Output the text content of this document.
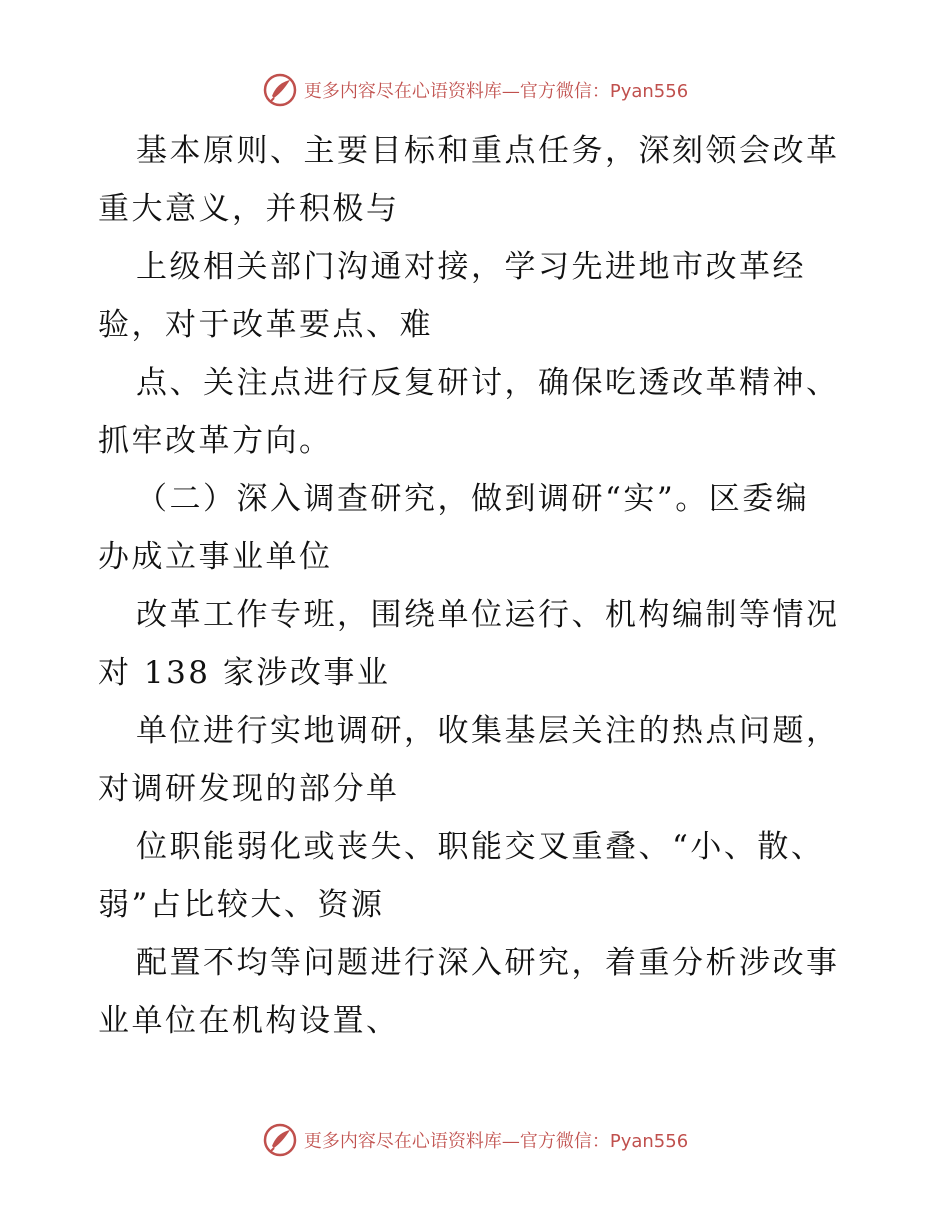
更多内容尽在心语资料库—官方微信：Pyan556
基本原则、主要目标和重点任务，深刻领会改革
重大意义，并积极与
上级相关部门沟通对接，学习先进地市改革经
验，对于改革要点、难
点、关注点进行反复研讨，确保吃透改革精神、
抓牢改革方向。
（二）深入调查研究，做到调研“实”。区委编
办成立事业单位
改革工作专班，围绕单位运行、机构编制等情况
对 138 家涉改事业
单位进行实地调研，收集基层关注的热点问题，
对调研发现的部分单
位职能弱化或丧失、职能交叉重叠、“小、散、
弱”占比较大、资源
配置不均等问题进行深入研究，着重分析涉改事
业单位在机构设置、
更多内容尽在心语资料库—官方微信：Pyan556
